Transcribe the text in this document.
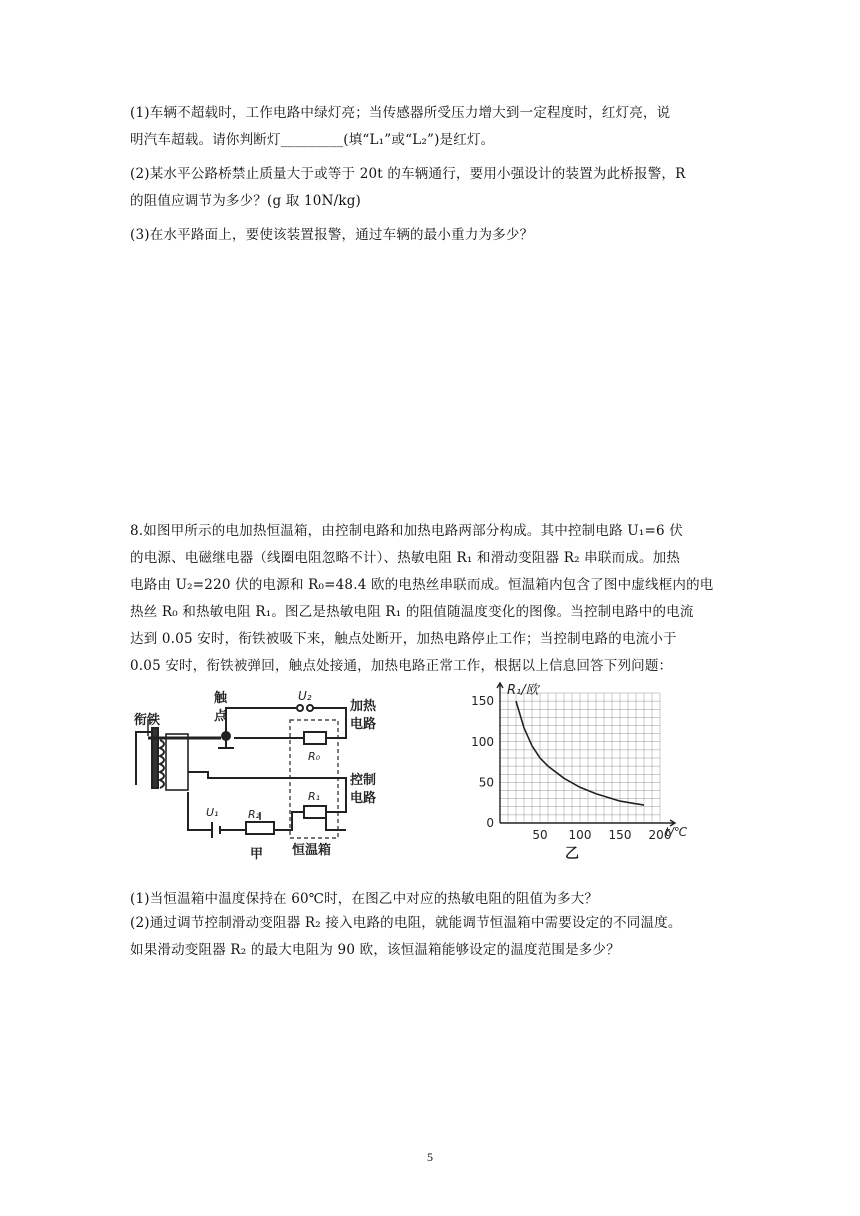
(1)车辆不超载时，工作电路中绿灯亮；当传感器所受压力增大到一定程度时，红灯亮，说
明汽车超载。请你判断灯_________(填“L₁”或“L₂”)是红灯。
(2)某水平公路桥禁止质量大于或等于 20t 的车辆通行，要用小强设计的装置为此桥报警，R
的阻值应调节为多少？(g 取 10N/kg)
(3)在水平路面上，要使该装置报警，通过车辆的最小重力为多少？
8.如图甲所示的电加热恒温箱，由控制电路和加热电路两部分构成。其中控制电路 U₁=6 伏
的电源、电磁继电器（线圈电阻忽略不计）、热敏电阻 R₁ 和滑动变阻器 R₂ 串联而成。加热
电路由 U₂=220 伏的电源和 R₀=48.4 欧的电热丝串联而成。恒温箱内包含了图中虚线框内的电
热丝 R₀ 和热敏电阻 R₁。图乙是热敏电阻 R₁ 的阻值随温度变化的图像。当控制电路中的电流
达到 0.05 安时，衔铁被吸下来，触点处断开，加热电路停止工作；当控制电路的电流小于
0.05 安时，衔铁被弹回，触点处接通，加热电路正常工作，根据以上信息回答下列问题：
衔铁
触
点
U₂
加热
电路
R₀
控制
电路
U₁	R₂
R₁
恒温箱
甲
50 100 150 200
0
50
100
150
R₁/欧
t/℃
乙
(1)当恒温箱中温度保持在 60℃时，在图乙中对应的热敏电阻的阻值为多大？
(2)通过调节控制滑动变阻器 R₂ 接入电路的电阻，就能调节恒温箱中需要设定的不同温度。
如果滑动变阻器 R₂ 的最大电阻为 90 欧，该恒温箱能够设定的温度范围是多少？
5
